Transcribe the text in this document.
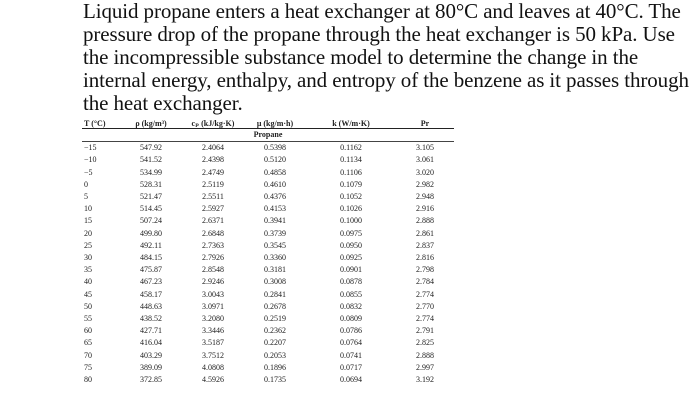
Liquid propane enters a heat exchanger at 80°C and leaves at 40°C. The pressure drop of the propane through the heat exchanger is 50 kPa. Use the incompressible substance model to determine the change in the internal energy, enthalpy, and entropy of the benzene as it passes through the heat exchanger.

T (°C)	ρ (kg/m³)	cₚ (kJ/kg·K)	μ (kg/m·h)	k (W/m·K)	Pr
Propane					
−15	547.92	2.4064	0.5398	0.1162	3.105
−10	541.52	2.4398	0.5120	0.1134	3.061
−5	534.99	2.4749	0.4858	0.1106	3.020
0	528.31	2.5119	0.4610	0.1079	2.982
5	521.47	2.5511	0.4376	0.1052	2.948
10	514.45	2.5927	0.4153	0.1026	2.916
15	507.24	2.6371	0.3941	0.1000	2.888
20	499.80	2.6848	0.3739	0.0975	2.861
25	492.11	2.7363	0.3545	0.0950	2.837
30	484.15	2.7926	0.3360	0.0925	2.816
35	475.87	2.8548	0.3181	0.0901	2.798
40	467.23	2.9246	0.3008	0.0878	2.784
45	458.17	3.0043	0.2841	0.0855	2.774
50	448.63	3.0971	0.2678	0.0832	2.770
55	438.52	3.2080	0.2519	0.0809	2.774
60	427.71	3.3446	0.2362	0.0786	2.791
65	416.04	3.5187	0.2207	0.0764	2.825
70	403.29	3.7512	0.2053	0.0741	2.888
75	389.09	4.0808	0.1896	0.0717	2.997
80	372.85	4.5926	0.1735	0.0694	3.192
